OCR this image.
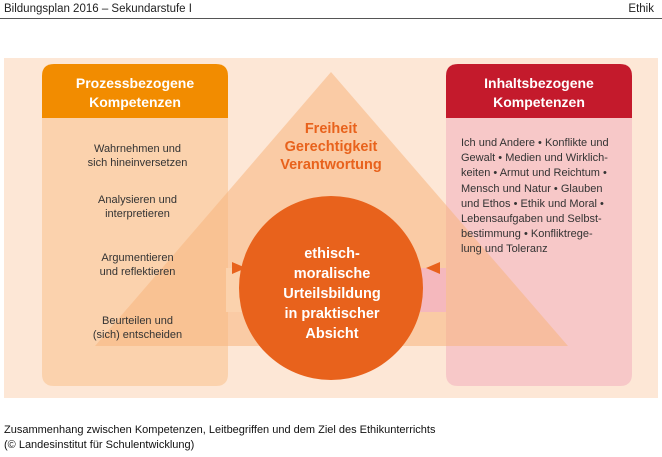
Bildungsplan 2016 – Sekundarstufe I	Ethik
Prozessbezogene
Kompetenzen
Inhaltsbezogene
Kompetenzen
Wahrnehmen und
sich hineinversetzen
Analysieren und
interpretieren
Argumentieren
und reflektieren
Beurteilen und
(sich) entscheiden
Freiheit
Gerechtigkeit
Verantwortung
ethisch-
moralische
Urteilsbildung
in praktischer
Absicht
Ich und Andere • Konflikte und
Gewalt • Medien und Wirklich-
keiten • Armut und Reichtum •
Mensch und Natur • Glauben
und Ethos • Ethik und Moral •
Lebensaufgaben und Selbst-
bestimmung • Konfliktrege-
lung und Toleranz
Zusammenhang zwischen Kompetenzen, Leitbegriffen und dem Ziel des Ethikunterrichts
(© Landesinstitut für Schulentwicklung)
